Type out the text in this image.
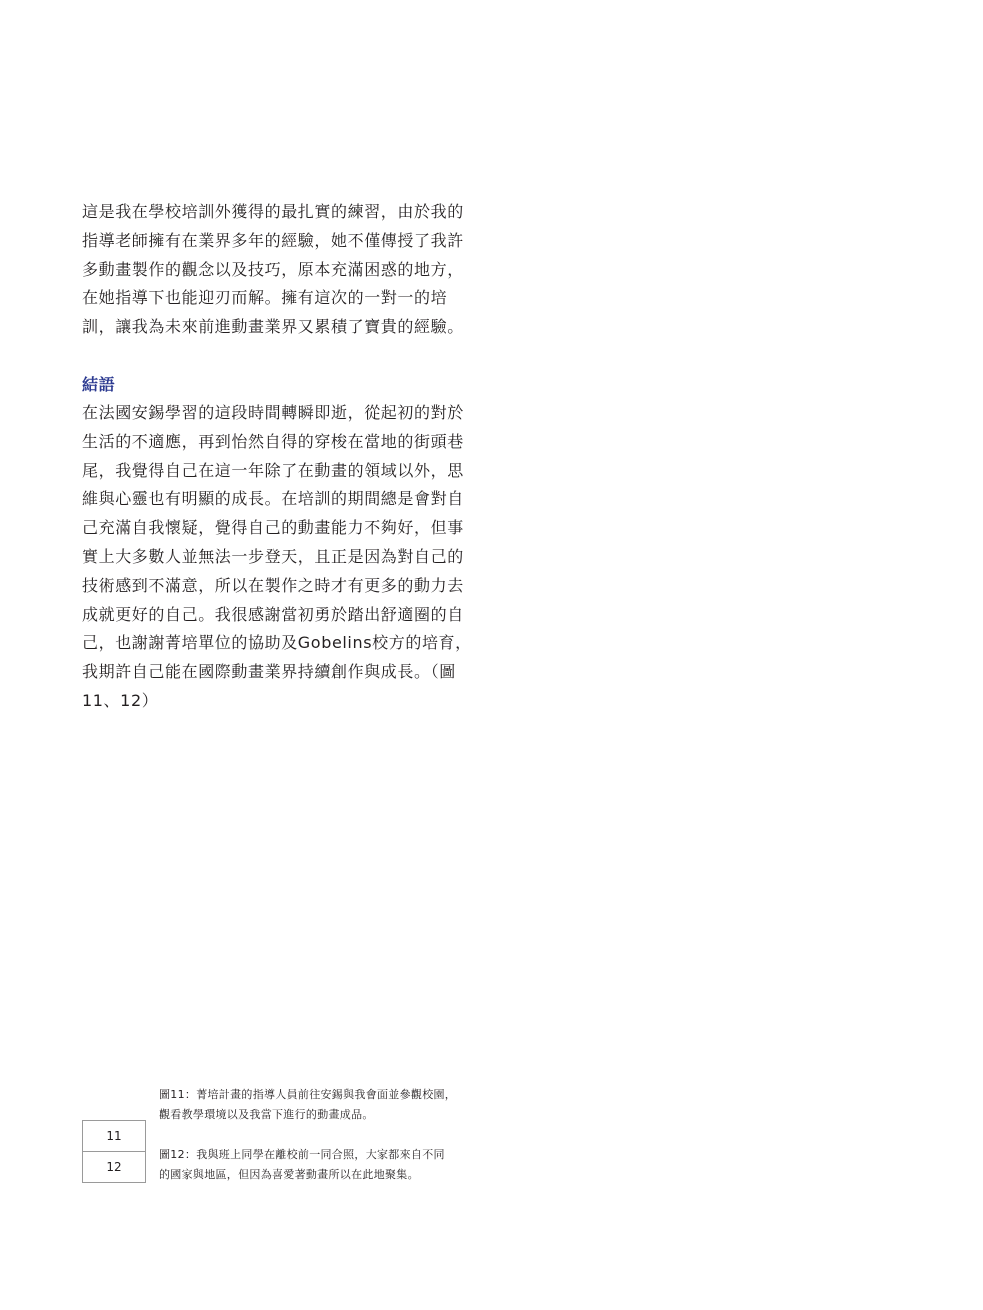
這是我在學校培訓外獲得的最扎實的練習，由於我的
指導老師擁有在業界多年的經驗，她不僅傳授了我許
多動畫製作的觀念以及技巧，原本充滿困惑的地方，
在她指導下也能迎刃而解。擁有這次的一對一的培
訓，讓我為未來前進動畫業界又累積了寶貴的經驗。
結語
在法國安錫學習的這段時間轉瞬即逝，從起初的對於
生活的不適應，再到怡然自得的穿梭在當地的街頭巷
尾，我覺得自己在這一年除了在動畫的領域以外，思
維與心靈也有明顯的成長。在培訓的期間總是會對自
己充滿自我懷疑，覺得自己的動畫能力不夠好，但事
實上大多數人並無法一步登天，且正是因為對自己的
技術感到不滿意，所以在製作之時才有更多的動力去
成就更好的自己。我很感謝當初勇於踏出舒適圈的自
己，也謝謝菁培單位的協助及Gobelins校方的培育，
我期許自己能在國際動畫業界持續創作與成長。（圖
11、12）
圖11：菁培計畫的指導人員前往安錫與我會面並參觀校園，
觀看教學環境以及我當下進行的動畫成品。
11
12
圖12：我與班上同學在離校前一同合照，大家都來自不同
的國家與地區，但因為喜愛著動畫所以在此地聚集。
